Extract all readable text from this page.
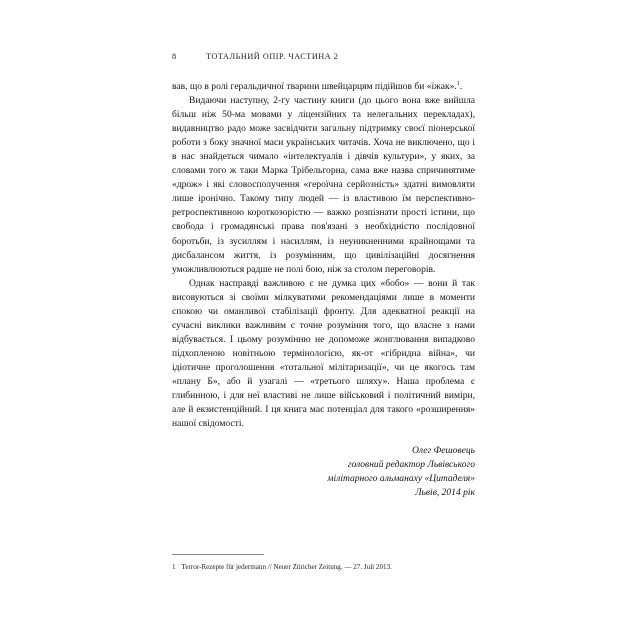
8	ТОТАЛЬНИЙ ОПІР. ЧАСТИНА 2

вав, що в ролі геральдичної тварини швейцарцям підійшов би «їжак».$^1$.

Видаючи наступну, 2-гу частину книги (до цього вона вже вийшла більш ніж 50-ма мовами у ліцензійних та нелегальних перекладах), видавництво радо може засвідчити загальну підтримку своєї піонерської роботи з боку значної маси українських читачів. Хоча не виключено, що і в нас знайдеться чимало «інтелектуалів і дівчів культури», у яких, за словами того ж таки Марка Трібельгорна, сама вже назва спричинятиме «дрож» і які словосполучення «героїчна серйозність» здатні вимовляти лише іронічно. Такому типу людей — із властивою їм перспективно-ретроспективною короткозорістю — важко розпізнати прості істини, що свобода і громадянські права пов'язані з необхідністю послідовної боротьби, із зусиллям і насиллям, із неуникненними крайнощами та дисбалансом життя, із розумінням, що цивілізаційні досягнення уможливлюються радше не полі бою, ніж за столом переговорів.

Однак насправді важливою є не думка цих «бобо» — вони й так висовуються зі своїми мілкуватими рекомендаціями лише в моменти спокою чи оманливої стабілізації фронту. Для адекватної реакції на сучасні виклики важливим є точне розуміння того, що власне з нами відбувається. І цьому розумінню не допоможе жонглювання випадково підхопленою новітньою термінологією, як-от «гібридна війна», чи ідіотичне проголошення «тотальної мілітаризації», чи це якогось там «плану Б», або й узагалі — «третього шляху». Наша проблема є глибинною, і для неї властиві не лише військовий і політичний виміри, але й екзистенційний. І ця книга має потенціал для такого «розширення» нашої свідомості.

Олег Фешовець
головний редактор Львівського
мілітарного альманаху «Цитаделя»
Львів, 2014 рік
1 Terror-Rezepte für jedermann // Neuer Zürichеr Zeitung. — 27. Juli 2013.
